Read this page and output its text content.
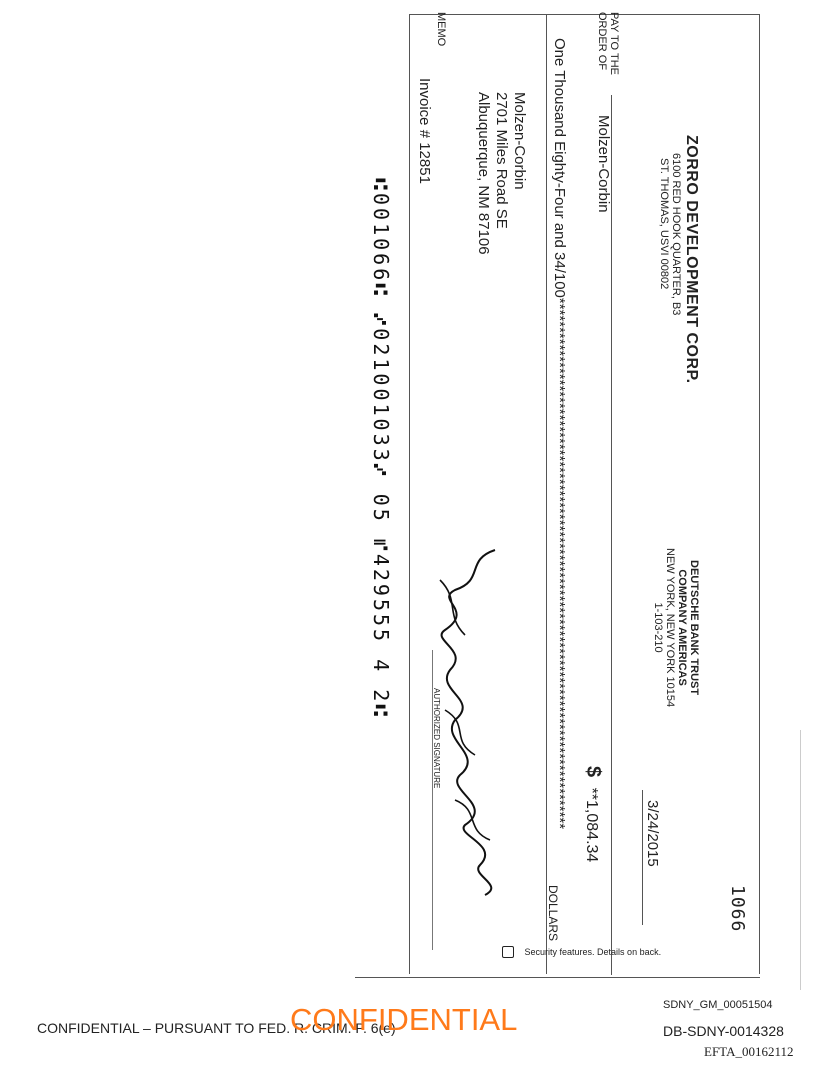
ZORRO DEVELOPMENT CORP.
6100 RED HOOK QUARTER, B3
ST. THOMAS, USVI 00802
DEUTSCHE BANK TRUST
COMPANY AMERICAS
NEW YORK, NEW YORK 10154
1-103-210
1066
3/24/2015
PAY TO THE
ORDER OF
Molzen-Corbin
$ **1,084.34
One Thousand Eighty-Four and 34/100*******************************************************************************************
DOLLARS
Molzen-Corbin
2701 Miles Road SE
Albuquerque, NM 87106
MEMO
Invoice # 12851
AUTHORIZED SIGNATURE
Security features. Details on back.
⑆001066⑆ ⑇021001033⑇ 05 ⑈429555 4 2⑆
CONFIDENTIAL – PURSUANT TO FED. R. CRIM. P. 6(e)
CONFIDENTIAL	SDNY_GM_00051504
DB-SDNY-0014328
EFTA_00162112
